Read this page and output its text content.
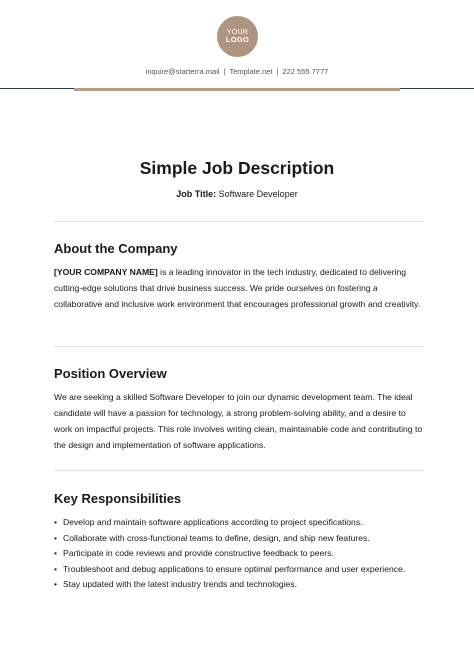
YOUR
LOGO
inquire@starterra.mail | Template.net | 222 555 7777
Simple Job Description
Job Title: Software Developer
About the Company
[YOUR COMPANY NAME] is a leading innovator in the tech industry, dedicated to delivering cutting-edge solutions that drive business success. We pride ourselves on fostering a collaborative and inclusive work environment that encourages professional growth and creativity.
Position Overview
We are seeking a skilled Software Developer to join our dynamic development team. The ideal candidate will have a passion for technology, a strong problem-solving ability, and a desire to work on impactful projects. This role involves writing clean, maintainable code and contributing to the design and implementation of software applications.
Key Responsibilities
• Develop and maintain software applications according to project specifications.
• Collaborate with cross-functional teams to define, design, and ship new features.
• Participate in code reviews and provide constructive feedback to peers.
• Troubleshoot and debug applications to ensure optimal performance and user experience.
• Stay updated with the latest industry trends and technologies.
